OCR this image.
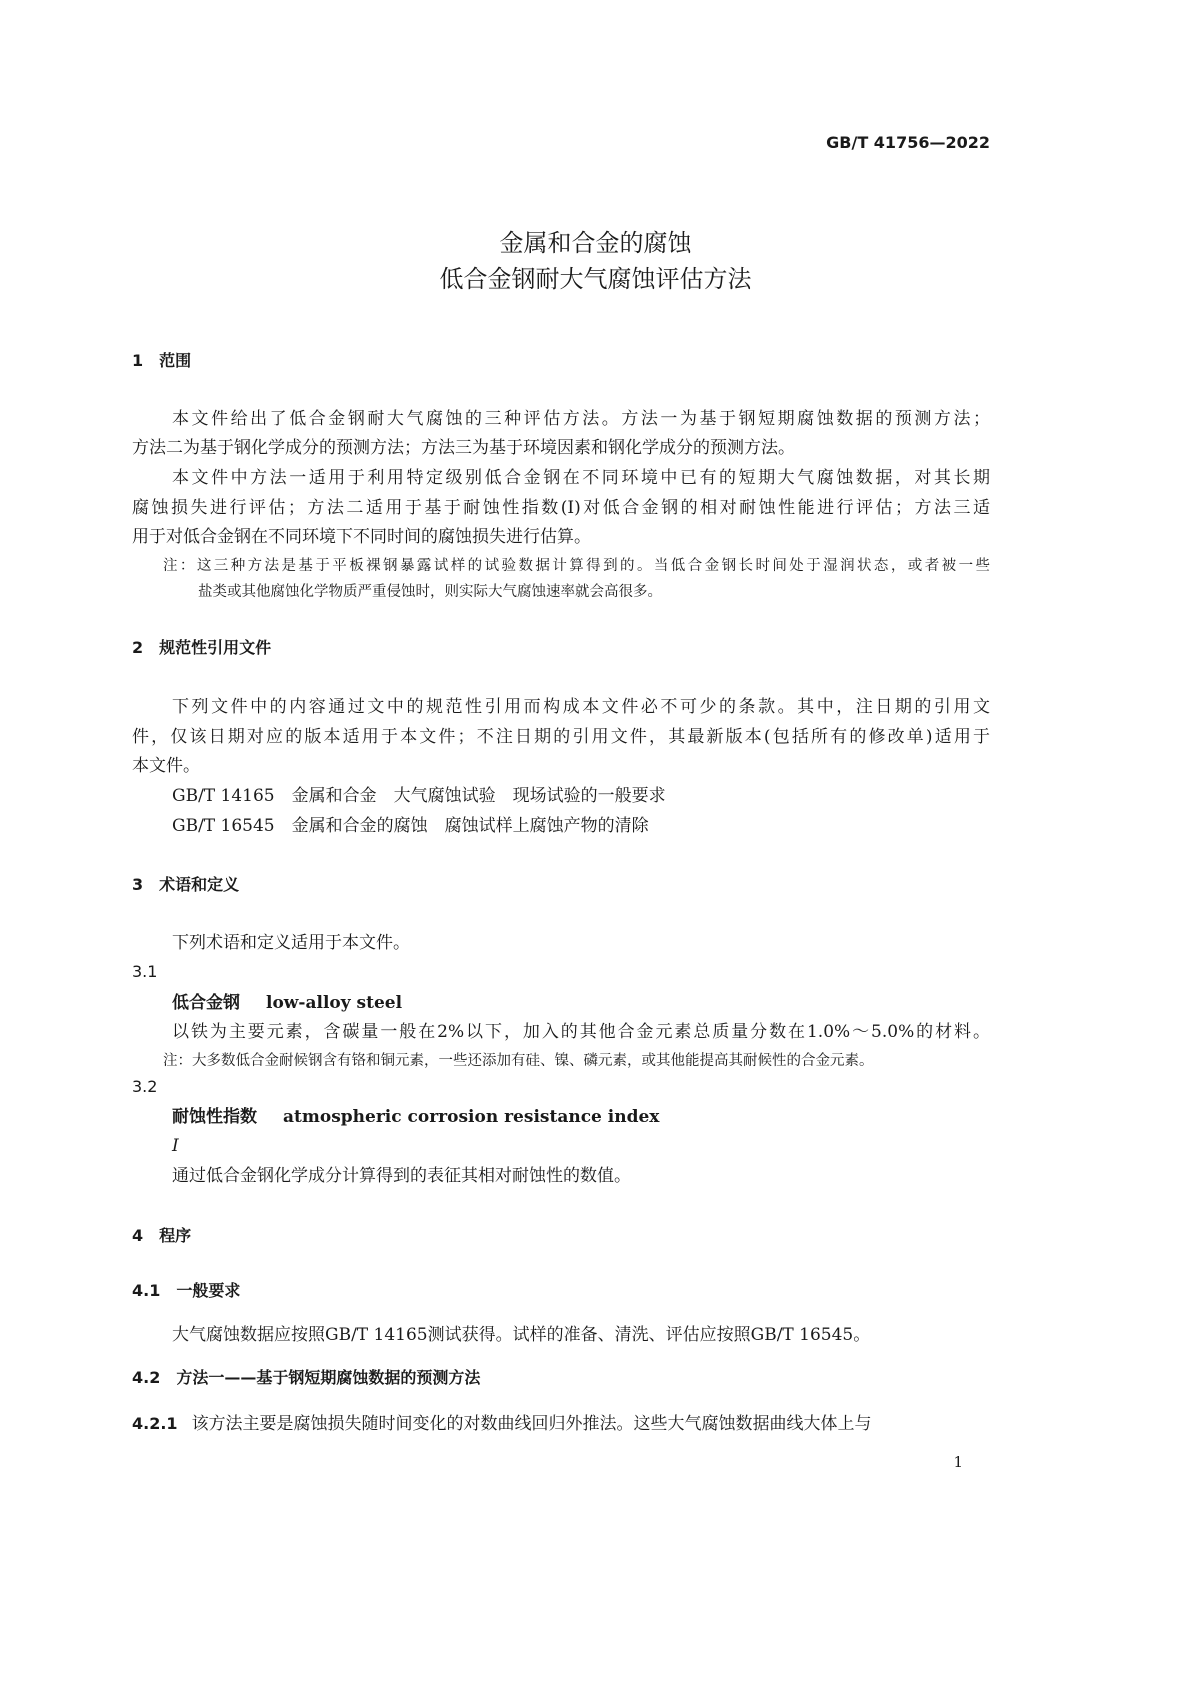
GB/T 41756—2022
金属和合金的腐蚀
低合金钢耐大气腐蚀评估方法
1　范围
本文件给出了低合金钢耐大气腐蚀的三种评估方法。方法一为基于钢短期腐蚀数据的预测方法；
方法二为基于钢化学成分的预测方法；方法三为基于环境因素和钢化学成分的预测方法。
本文件中方法一适用于利用特定级别低合金钢在不同环境中已有的短期大气腐蚀数据，对其长期
腐蚀损失进行评估；方法二适用于基于耐蚀性指数(I)对低合金钢的相对耐蚀性能进行评估；方法三适
用于对低合金钢在不同环境下不同时间的腐蚀损失进行估算。
注：这三种方法是基于平板裸钢暴露试样的试验数据计算得到的。当低合金钢长时间处于湿润状态，或者被一些
盐类或其他腐蚀化学物质严重侵蚀时，则实际大气腐蚀速率就会高很多。
2　规范性引用文件
下列文件中的内容通过文中的规范性引用而构成本文件必不可少的条款。其中，注日期的引用文
件，仅该日期对应的版本适用于本文件；不注日期的引用文件，其最新版本(包括所有的修改单)适用于
本文件。
GB/T 14165　金属和合金　大气腐蚀试验　现场试验的一般要求
GB/T 16545　金属和合金的腐蚀　腐蚀试样上腐蚀产物的清除
3　术语和定义
下列术语和定义适用于本文件。
3.1
低合金钢 low-alloy steel
以铁为主要元素，含碳量一般在2%以下，加入的其他合金元素总质量分数在1.0%～5.0%的材料。
注：大多数低合金耐候钢含有铬和铜元素，一些还添加有硅、镍、磷元素，或其他能提高其耐候性的合金元素。
3.2
耐蚀性指数 atmospheric corrosion resistance index
I
通过低合金钢化学成分计算得到的表征其相对耐蚀性的数值。
4　程序
4.1　一般要求
大气腐蚀数据应按照GB/T 14165测试获得。试样的准备、清洗、评估应按照GB/T 16545。
4.2　方法一——基于钢短期腐蚀数据的预测方法
4.2.1 该方法主要是腐蚀损失随时间变化的对数曲线回归外推法。这些大气腐蚀数据曲线大体上与
1
